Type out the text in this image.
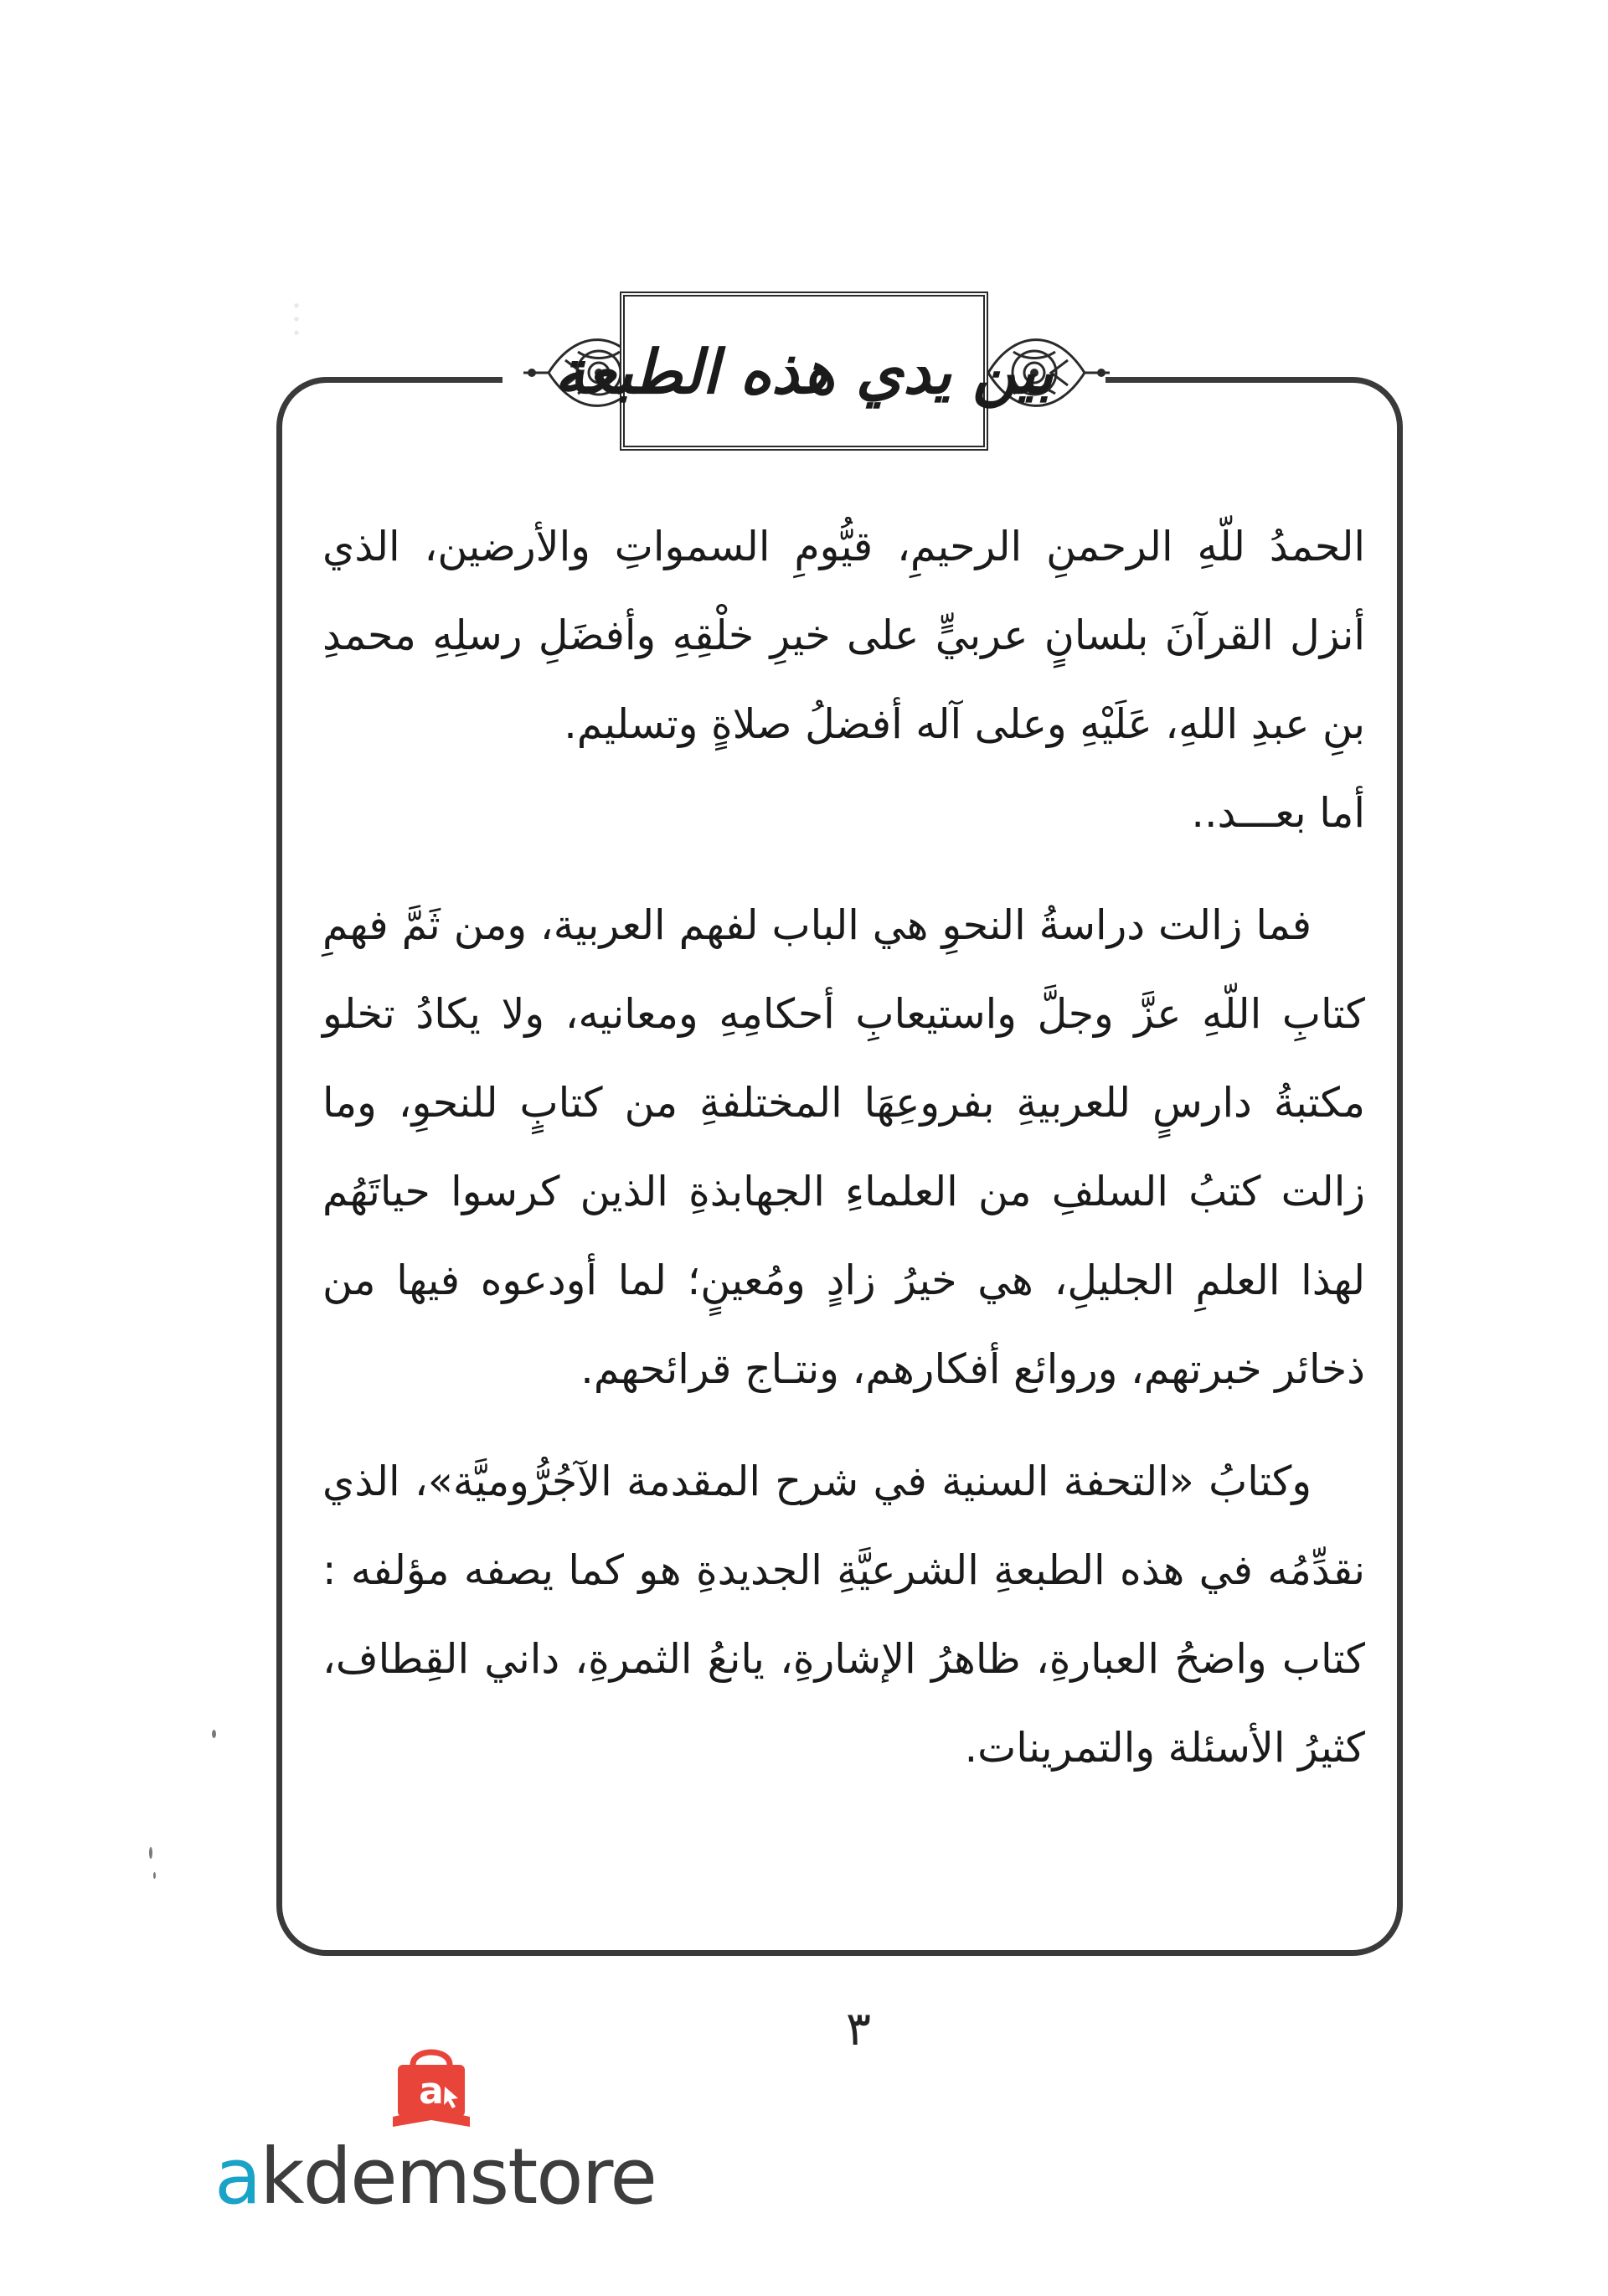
︙
بين يدي هذه الطبعة

الحمدُ للّهِ الرحمنِ الرحيمِ، قيُّومِ السمواتِ والأرضين، الذي أنزل القرآنَ بلسانٍ عربيٍّ على خيرِ خلْقِهِ وأفضَلِ رسلِهِ محمدِ بنِ عبدِ اللهِ، عَلَيْهِ وعلى آله أفضلُ صلاةٍ وتسليم.

أما بعـــد..

فما زالت دراسةُ النحوِ هي الباب لفهم العربية، ومن ثَمَّ فهمِ كتابِ اللّهِ عزَّ وجلَّ واستيعابِ أحكامِهِ ومعانيه، ولا يكادُ تخلو مكتبةُ دارسٍ للعربيةِ بفروعِهَا المختلفةِ من كتابٍ للنحوِ، وما زالت كتبُ السلفِ من العلماءِ الجهابذةِ الذين كرسوا حياتَهُم لهذا العلمِ الجليلِ، هي خيرُ زادٍ ومُعينٍ؛ لما أودعوه فيها من ذخائر خبرتهم، وروائع أفكارهم، ونتـاج قرائحهم.

وكتابُ «التحفة السنية في شرح المقدمة الآجُرُّوميَّة»، الذي نقدِّمُه في هذه الطبعةِ الشرعيَّةِ الجديدةِ هو كما يصفه مؤلفه : كتاب واضحُ العبارةِ، ظاهرُ الإشارةِ، يانعُ الثمرةِ، داني القِطاف، كثيرُ الأسئلة والتمرينات.

٣
a
akdemstore
